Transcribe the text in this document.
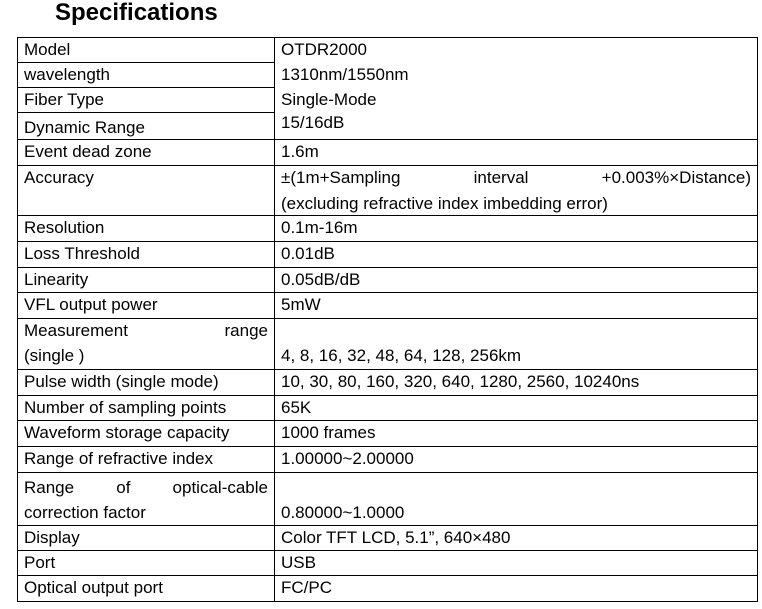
Specifications
Model	OTDR2000
wavelength	1310nm/1550nm
Fiber Type	Single-Mode
Dynamic Range	15/16dB
Event dead zone	1.6m
Accuracy	±(1m+Sampling interval +0.003%×Distance)
(excluding refractive index imbedding error)

Resolution	0.1m-16m
Loss Threshold	0.01dB
Linearity	0.05dB/dB
VFL output power	5mW

Measurement range
(single )	4, 8, 16, 32, 48, 64, 128, 256km
Pulse width (single mode)	10, 30, 80, 160, 320, 640, 1280, 2560, 10240ns
Number of sampling points	65K
Waveform storage capacity	1000 frames
Range of refractive index	1.00000~2.00000

Range of optical-cable
correction factor	0.80000~1.0000
Display	Color TFT LCD, 5.1”, 640×480
Port	USB
Optical output port	FC/PC
